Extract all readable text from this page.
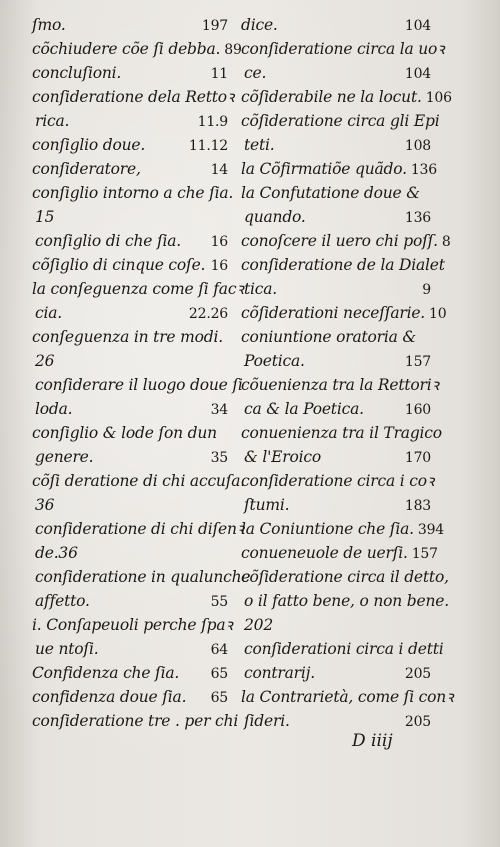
ſmo.	197
cõchiudere cõe ſi debba. 89
concluſioni.	11
conſideratione dela Rettoꝛ
rica.	11.9
conſiglio doue.	11.12
conſideratore,	14
conſiglio intorno a che ſia.
15
conſiglio di che ſia. 16
cõſiglio di cinque coſe. 16
la conſeguenza come ſi facꝛ
cia.	22.26
conſeguenza in tre modi.
26
conſiderare il luogo doue ſi
loda.	34
conſiglio & lode ſon dun
genere.	35
cõſi deratione di chi accuſa.
36
conſideratione di chi diſenꝛ
de.36
conſideratione in qualunche
affetto.	55
i. Conſapeuoli perche ſpaꝛ
ue ntoſi.	64
Confidenza che ſia. 65
confidenza doue ſia. 65
conſideratione tre . per chi
dice.	104
conſideratione circa la uoꝛ
ce.	104
cõſiderabile ne la locut. 106
cõſideratione circa gli Epi
teti.	108
la Cõfirmatiõe quãdo. 136
la Confutatione doue &
quando.	136
conoſcere il uero chi poſſ. 8
conſideratione de la Dialet
tica.	9
cõſiderationi neceſſarie. 10
coniuntione oratoria &
Poetica.	157
cõuenienza tra la Rettoriꝛ
ca & la Poetica.	160
conuenienza tra il Tragico
& l'Eroico	170
conſideratione circa i coꝛ
ſtumi.	183
la Coniuntione che ſia. 394
conueneuole de uerſi. 157
cõſideratione circa il detto,
o il fatto bene, o non bene.
202
conſiderationi circa i detti
contrarij.	205
la Contrarietà, come ſi conꝛ
ſideri.	205
D iiij
